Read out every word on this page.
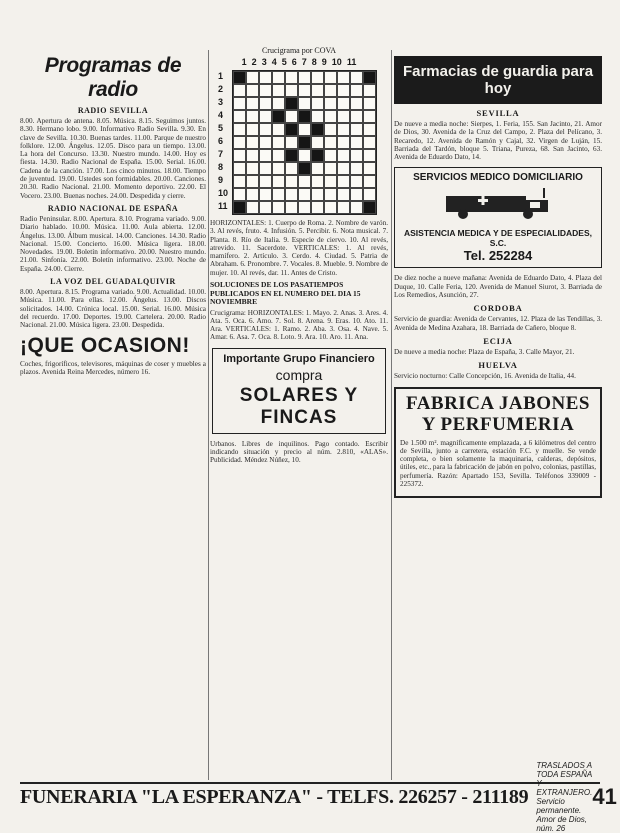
Programas de radio
RADIO SEVILLA
8.00. Apertura de antena. 8.05. Música. 8.15. Seguimos juntos. 8.30. Hermano lobo. 9.00. Informativo Radio Sevilla. 9.30. En clave de Sevilla. 10.30. Buenas tardes. 11.00. Parque de nuestro folklore. 12.00. Ángelus. 12.05. Disco para un tiempo. 13.00. La hora del Concurso. 13.30. Nuestro mundo. 14.00. Hoy es fiesta. 14.30. Radio Nacional de España. 15.00. Serial. 16.00. Cadena de la canción. 17.00. Los cinco minutos. 18.00. Tiempo de juventud. 19.00. Ustedes son formidables. 20.00. Canciones. 20.30. Radio Nacional. 21.00. Momento deportivo. 22.00. El Vocero. 23.00. Buenas noches. 24.00. Despedida y cierre.
RADIO NACIONAL DE ESPAÑA
Radio Peninsular. 8.00. Apertura. 8.10. Programa variado. 9.00. Diario hablado. 10.00. Música. 11.00. Aula abierta. 12.00. Ángelus. 13.00. Álbum musical. 14.00. Canciones. 14.30. Radio Nacional. 15.00. Concierto. 16.00. Música ligera. 18.00. Novedades. 19.00. Boletín informativo. 20.00. Nuestro mundo. 21.00. Sinfonía. 22.00. Boletín informativo. 23.00. Noche de España. 24.00. Cierre.
LA VOZ DEL GUADALQUIVIR
8.00. Apertura. 8.15. Programa variado. 9.00. Actualidad. 10.00. Música. 11.00. Para ellas. 12.00. Ángelus. 13.00. Discos solicitados. 14.00. Crónica local. 15.00. Serial. 16.00. Música del recuerdo. 17.00. Deportes. 19.00. Cartelera. 20.00. Radio Nacional. 21.00. Música ligera. 23.00. Despedida.
¡QUE OCASION!
Coches, frigoríficos, televisores, máquinas de coser y muebles a plazos. Avenida Reina Mercedes, número 16.
Crucigrama por COVA
1 2 3 4 5 6 7 8 9 10 11
1
2
3
4
5
6
7
8
9
10
11
HORIZONTALES: 1. Cuerpo de Roma. 2. Nombre de varón. 3. Al revés, fruto. 4. Infusión. 5. Percibir. 6. Nota musical. 7. Planta. 8. Río de Italia. 9. Especie de ciervo. 10. Al revés, atrevido. 11. Sacerdote. VERTICALES: 1. Al revés, mamífero. 2. Artículo. 3. Cerdo. 4. Ciudad. 5. Patria de Abraham. 6. Pronombre. 7. Vocales. 8. Mueble. 9. Nombre de mujer. 10. Al revés, dar. 11. Antes de Cristo.
SOLUCIONES DE LOS PASATIEMPOS PUBLICADOS EN EL NUMERO DEL DIA 15 NOVIEMBRE
Crucigrama: HORIZONTALES: 1. Mayo. 2. Anas. 3. Ares. 4. Ata. 5. Oca. 6. Amo. 7. Sol. 8. Arena. 9. Eras. 10. Ato. 11. Ara. VERTICALES: 1. Ramo. 2. Aba. 3. Osa. 4. Nave. 5. Amar. 6. Asa. 7. Oca. 8. Loto. 9. Ara. 10. Aro. 11. Ana.
Importante Grupo Financiero
compra
SOLARES Y FINCAS
Urbanos. Libres de inquilinos. Pago contado. Escribir indicando situación y precio al núm. 2.810, «ALAS». Publicidad. Méndez Núñez, 10.
Farmacias de guardia para hoy
SEVILLA
De nueve a media noche: Sierpes, 1. Feria, 155. San Jacinto, 21. Amor de Dios, 30. Avenida de la Cruz del Campo, 2. Plaza del Pelícano, 3. Recaredo, 12. Avenida de Ramón y Cajal, 32. Virgen de Luján, 15. Barriada del Tardón, bloque 5. Triana, Pureza, 68. San Jacinto, 63. Avenida de Eduardo Dato, 14.
SERVICIOS MEDICO DOMICILIARIO
ASISTENCIA MEDICA Y DE ESPECIALIDADES, S.C.
Tel. 252284
De diez noche a nueve mañana: Avenida de Eduardo Dato, 4. Plaza del Duque, 10. Calle Feria, 120. Avenida de Manuel Siurot, 3. Barriada de Los Remedios, Asunción, 27.
CORDOBA
Servicio de guardia: Avenida de Cervantes, 12. Plaza de las Tendillas, 3. Avenida de Medina Azahara, 18. Barriada de Cañero, bloque 8.
ECIJA
De nueve a media noche: Plaza de España, 3. Calle Mayor, 21.
HUELVA
Servicio nocturno: Calle Concepción, 16. Avenida de Italia, 44.
FABRICA JABONES Y PERFUMERIA
De 1.500 m². magníficamente emplazada, a 6 kilómetros del centro de Sevilla, junto a carretera, estación F.C. y muelle. Se vende completa, o bien solamente la maquinaria, calderas, depósitos, útiles, etc., para la fabricación de jabón en polvo, colonias, pastillas, perfumería. Razón: Apartado 153, Sevilla. Teléfonos 339009 - 225372.
FUNERARIA "LA ESPERANZA" - TELFS. 226257 - 211189
TRASLADOS A TODA ESPAÑA Y EXTRANJERO. Servicio permanente. Amor de Dios, núm. 26
41
